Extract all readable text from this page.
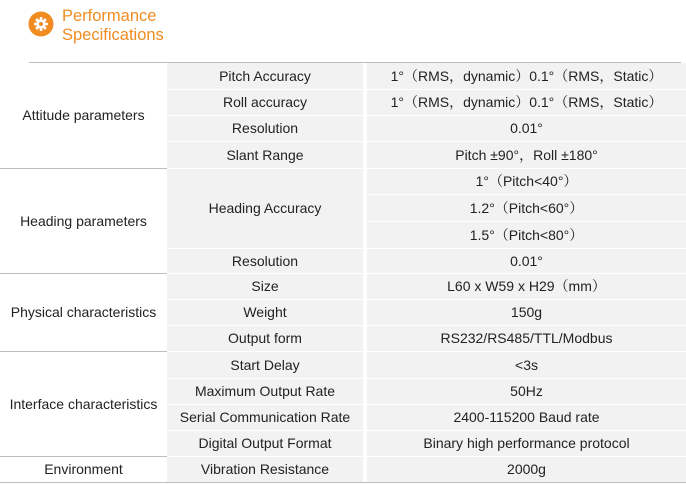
Performance
Specifications
Attitude parameters	Pitch Accuracy		1°（RMS，dynamic）0.1°（RMS，Static）
	Roll accuracy		1°（RMS，dynamic）0.1°（RMS，Static）
	Resolution		0.01°
	Slant Range		Pitch ±90°，Roll ±180°
Heading parameters	Heading Accuracy		1°（Pitch<40°）
			1.2°（Pitch<60°）
			1.5°（Pitch<80°）
	Resolution		0.01°
Physical characteristics	Size		L60 x W59 x H29（mm）
	Weight		150g
	Output form		RS232/RS485/TTL/Modbus
Interface characteristics	Start Delay		<3s
	Maximum Output Rate		50Hz
	Serial Communication Rate		2400-115200 Baud rate
	Digital Output Format		Binary high performance protocol
Environment	Vibration Resistance		2000g
